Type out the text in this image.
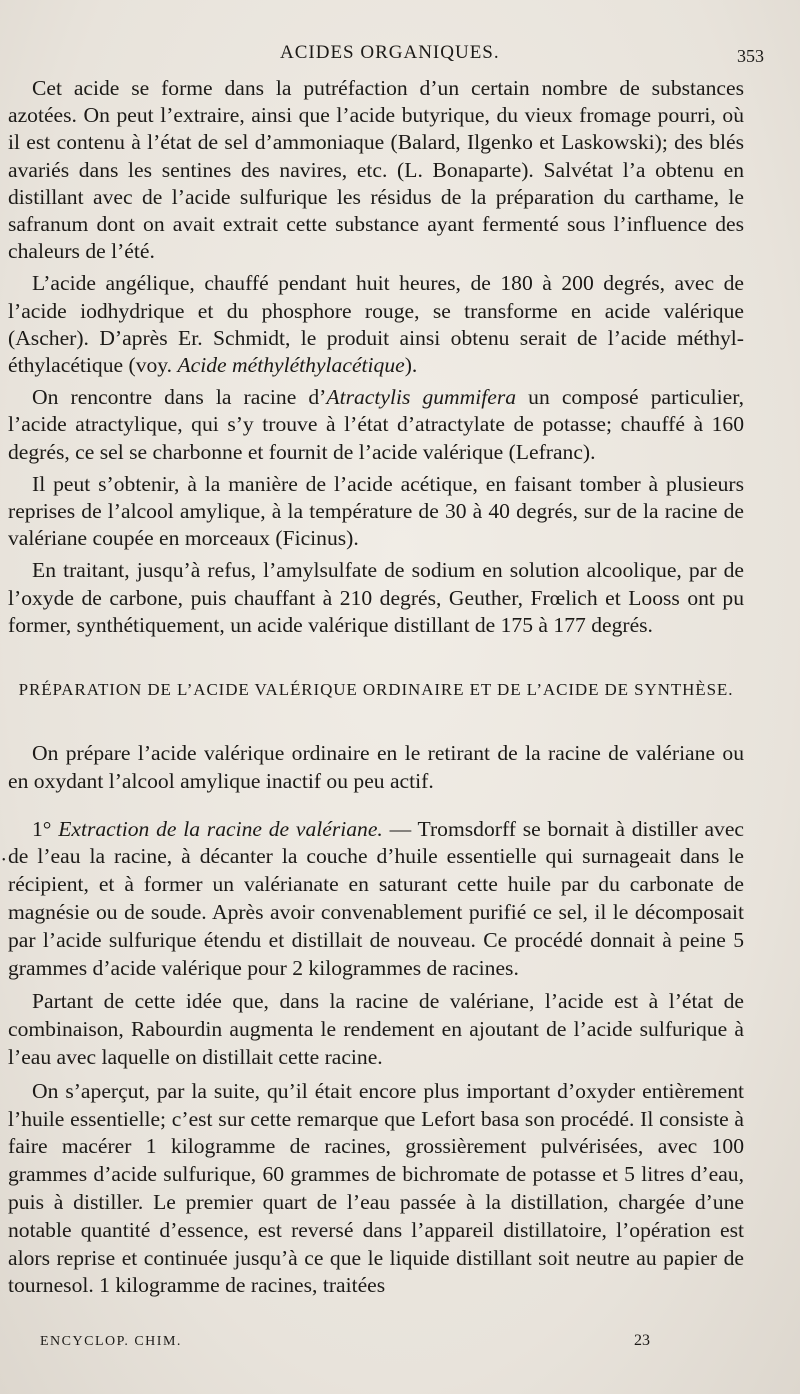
ACIDES ORGANIQUES.	353

Cet acide se forme dans la putréfaction d’un certain nombre de substances azotées. On peut l’extraire, ainsi que l’acide butyrique, du vieux fromage pourri, où il est contenu à l’état de sel d’ammoniaque (Balard, Ilgenko et Laskowski); des blés avariés dans les sentines des navires, etc. (L. Bonaparte). Salvétat l’a obtenu en distillant avec de l’acide sulfurique les résidus de la préparation du carthame, le safranum dont on avait extrait cette substance ayant fermenté sous l’influence des chaleurs de l’été.

L’acide angélique, chauffé pendant huit heures, de 180 à 200 degrés, avec de l’acide iodhydrique et du phosphore rouge, se transforme en acide valérique (Ascher). D’après Er. Schmidt, le produit ainsi obtenu serait de l’acide méthyl-éthylacétique (voy. Acide méthyléthylacétique).

On rencontre dans la racine d’Atractylis gummifera un composé particulier, l’acide atractylique, qui s’y trouve à l’état d’atractylate de potasse; chauffé à 160 degrés, ce sel se charbonne et fournit de l’acide valérique (Lefranc).

Il peut s’obtenir, à la manière de l’acide acétique, en faisant tomber à plusieurs reprises de l’alcool amylique, à la température de 30 à 40 degrés, sur de la racine de valériane coupée en morceaux (Ficinus).

En traitant, jusqu’à refus, l’amylsulfate de sodium en solution alcoolique, par de l’oxyde de carbone, puis chauffant à 210 degrés, Geuther, Frœlich et Looss ont pu former, synthétiquement, un acide valérique distillant de 175 à 177 degrés.

PRÉPARATION DE L’ACIDE VALÉRIQUE ORDINAIRE ET DE L’ACIDE DE SYNTHÈSE.

On prépare l’acide valérique ordinaire en le retirant de la racine de valériane ou en oxydant l’alcool amylique inactif ou peu actif.

1° Extraction de la racine de valériane. — Tromsdorff se bornait à distiller avec de l’eau la racine, à décanter la couche d’huile essentielle qui surnageait dans le récipient, et à former un valérianate en saturant cette huile par du carbonate de magnésie ou de soude. Après avoir convenablement purifié ce sel, il le décomposait par l’acide sulfurique étendu et distillait de nouveau. Ce procédé donnait à peine 5 grammes d’acide valérique pour 2 kilogrammes de racines.

Partant de cette idée que, dans la racine de valériane, l’acide est à l’état de combinaison, Rabourdin augmenta le rendement en ajoutant de l’acide sulfurique à l’eau avec laquelle on distillait cette racine.

On s’aperçut, par la suite, qu’il était encore plus important d’oxyder entièrement l’huile essentielle; c’est sur cette remarque que Lefort basa son procédé. Il consiste à faire macérer 1 kilogramme de racines, grossièrement pulvérisées, avec 100 grammes d’acide sulfurique, 60 grammes de bichromate de potasse et 5 litres d’eau, puis à distiller. Le premier quart de l’eau passée à la distillation, chargée d’une notable quantité d’essence, est reversé dans l’appareil distillatoire, l’opération est alors reprise et continuée jusqu’à ce que le liquide distillant soit neutre au papier de tournesol. 1 kilogramme de racines, traitées

ENCYCLOP. CHIM.	23
•
